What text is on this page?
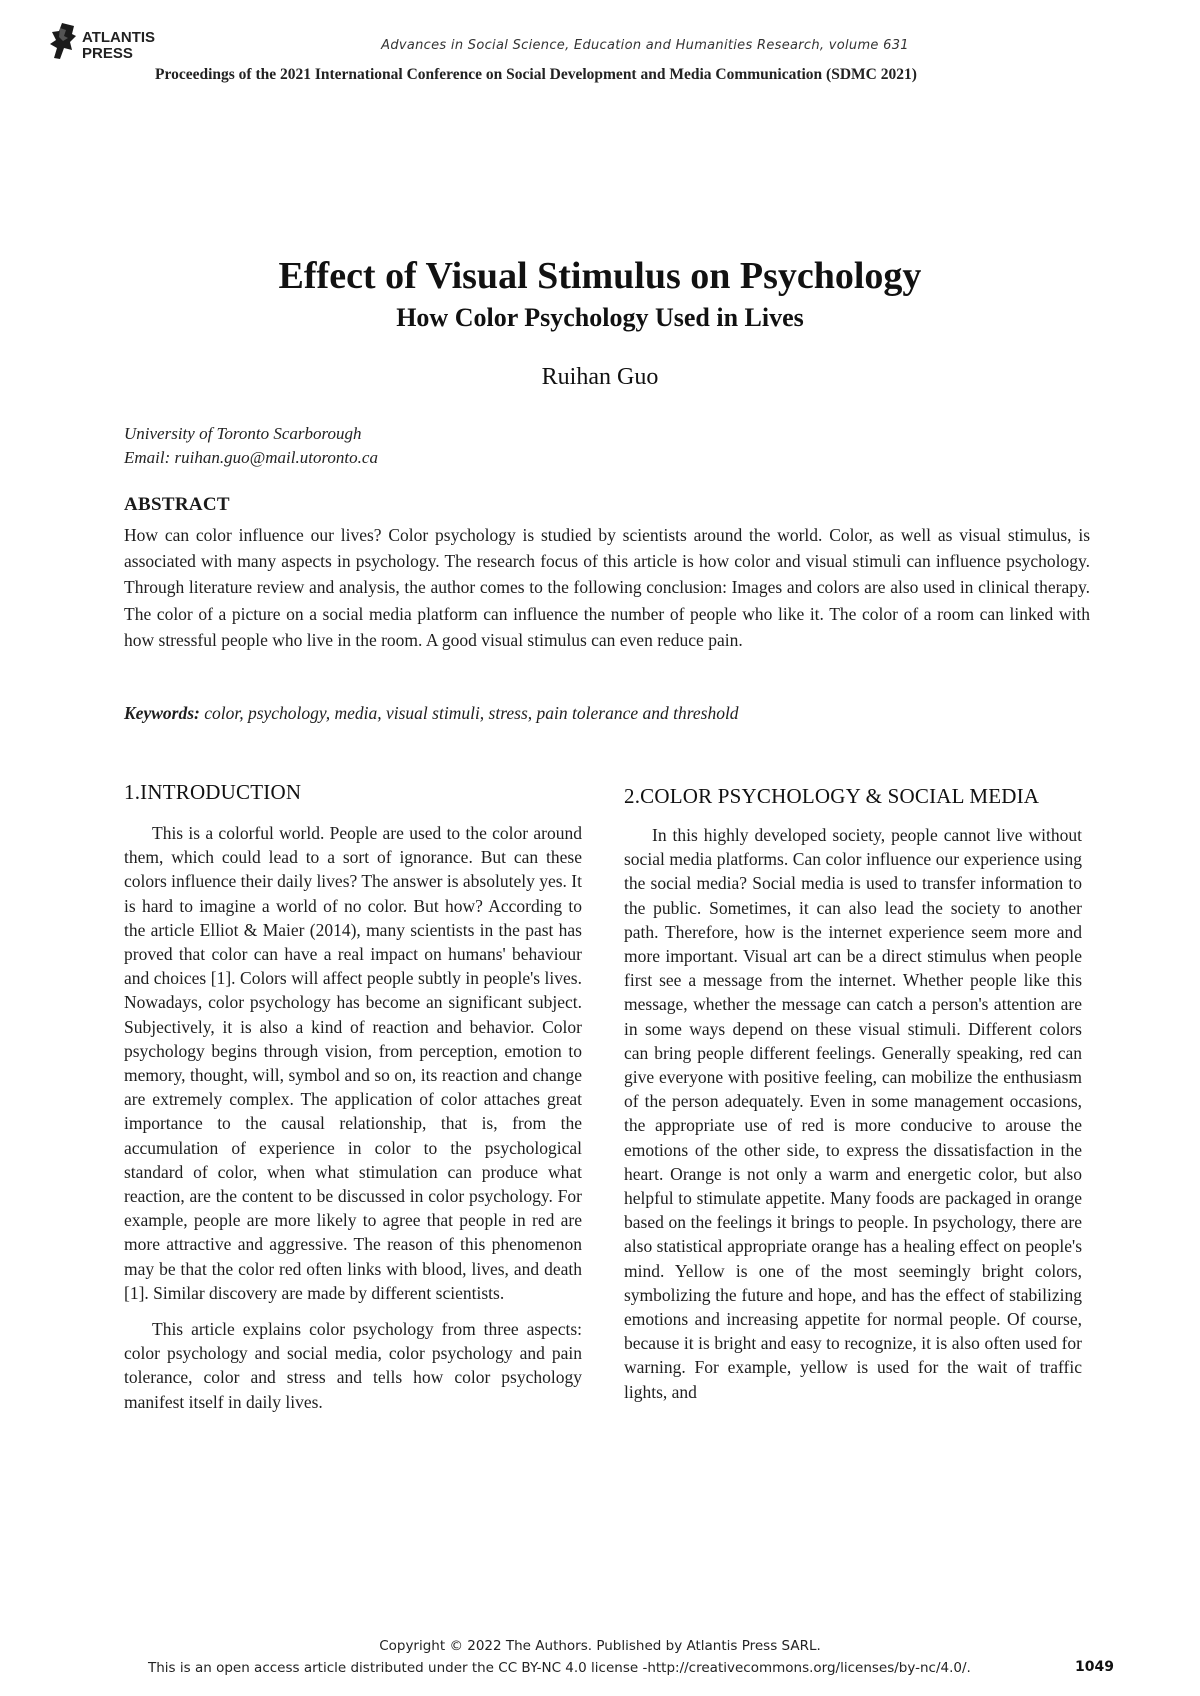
ATLANTIS
PRESS	Advances in Social Science, Education and Humanities Research, volume 631
Proceedings of the 2021 International Conference on Social Development and Media Communication (SDMC 2021)
Effect of Visual Stimulus on Psychology
How Color Psychology Used in Lives
Ruihan Guo
University of Toronto Scarborough
Email: ruihan.guo@mail.utoronto.ca
ABSTRACT
How can color influence our lives? Color psychology is studied by scientists around the world. Color, as well as visual stimulus, is associated with many aspects in psychology. The research focus of this article is how color and visual stimuli can influence psychology. Through literature review and analysis, the author comes to the following conclusion: Images and colors are also used in clinical therapy. The color of a picture on a social media platform can influence the number of people who like it. The color of a room can linked with how stressful people who live in the room. A good visual stimulus can even reduce pain.
Keywords: color, psychology, media, visual stimuli, stress, pain tolerance and threshold
1.INTRODUCTION

This is a colorful world. People are used to the color around them, which could lead to a sort of ignorance. But can these colors influence their daily lives? The answer is absolutely yes. It is hard to imagine a world of no color. But how? According to the article Elliot & Maier (2014), many scientists in the past has proved that color can have a real impact on humans' behaviour and choices [1]. Colors will affect people subtly in people's lives. Nowadays, color psychology has become an significant subject. Subjectively, it is also a kind of reaction and behavior. Color psychology begins through vision, from perception, emotion to memory, thought, will, symbol and so on, its reaction and change are extremely complex. The application of color attaches great importance to the causal relationship, that is, from the accumulation of experience in color to the psychological standard of color, when what stimulation can produce what reaction, are the content to be discussed in color psychology. For example, people are more likely to agree that people in red are more attractive and aggressive. The reason of this phenomenon may be that the color red often links with blood, lives, and death [1]. Similar discovery are made by different scientists.

This article explains color psychology from three aspects: color psychology and social media, color psychology and pain tolerance, color and stress and tells how color psychology manifest itself in daily lives.

2.COLOR PSYCHOLOGY & SOCIAL MEDIA

In this highly developed society, people cannot live without social media platforms. Can color influence our experience using the social media? Social media is used to transfer information to the public. Sometimes, it can also lead the society to another path. Therefore, how is the internet experience seem more and more important. Visual art can be a direct stimulus when people first see a message from the internet. Whether people like this message, whether the message can catch a person's attention are in some ways depend on these visual stimuli. Different colors can bring people different feelings. Generally speaking, red can give everyone with positive feeling, can mobilize the enthusiasm of the person adequately. Even in some management occasions, the appropriate use of red is more conducive to arouse the emotions of the other side, to express the dissatisfaction in the heart. Orange is not only a warm and energetic color, but also helpful to stimulate appetite. Many foods are packaged in orange based on the feelings it brings to people. In psychology, there are also statistical appropriate orange has a healing effect on people's mind. Yellow is one of the most seemingly bright colors, symbolizing the future and hope, and has the effect of stabilizing emotions and increasing appetite for normal people. Of course, because it is bright and easy to recognize, it is also often used for warning. For example, yellow is used for the wait of traffic lights, and

Copyright © 2022 The Authors. Published by Atlantis Press SARL.
This is an open access article distributed under the CC BY-NC 4.0 license -http://creativecommons.org/licenses/by-nc/4.0/.	1049
